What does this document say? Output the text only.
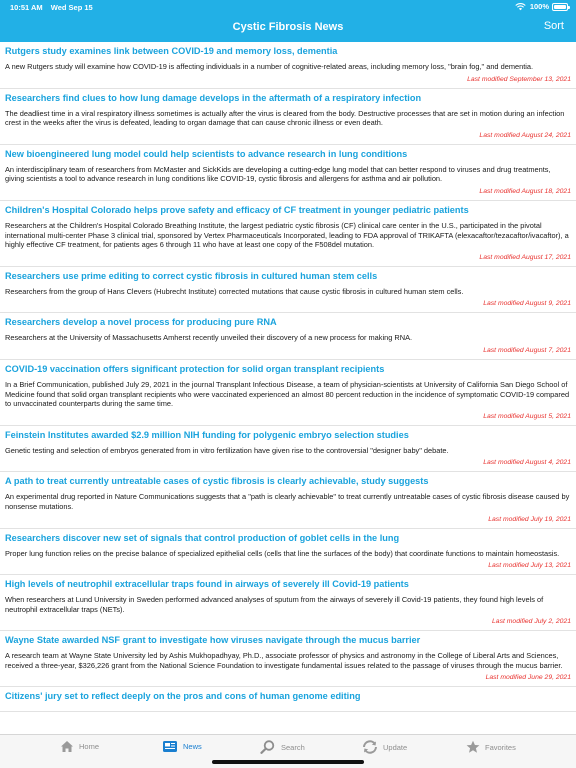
10:51 AM Wed Sep 15	100%
Cystic Fibrosis News	Sort
Rutgers study examines link between COVID-19 and memory loss, dementia

A new Rutgers study will examine how COVID-19 is affecting individuals in a number of cognitive-related areas, including memory loss, "brain fog," and dementia.

Last modified September 13, 2021
Researchers find clues to how lung damage develops in the aftermath of a respiratory infection

The deadliest time in a viral respiratory illness sometimes is actually after the virus is cleared from the body. Destructive processes that are set in motion during an infection crest in the weeks after the virus is defeated, leading to organ damage that can cause chronic illness or even death.

Last modified August 24, 2021
New bioengineered lung model could help scientists to advance research in lung conditions

An interdisciplinary team of researchers from McMaster and SickKids are developing a cutting-edge lung model that can better respond to viruses and drug treatments, giving scientists a tool to advance research in lung conditions like COVID-19, cystic fibrosis and allergens for asthma and air pollution.

Last modified August 18, 2021
Children's Hospital Colorado helps prove safety and efficacy of CF treatment in younger pediatric patients

Researchers at the Children's Hospital Colorado Breathing Institute, the largest pediatric cystic fibrosis (CF) clinical care center in the U.S., participated in the pivotal international multi-center Phase 3 clinical trial, sponsored by Vertex Pharmaceuticals Incorporated, leading to FDA approval of TRIKAFTA (elexacaftor/tezacaftor/ivacaftor), a highly effective CF treatment, for patients ages 6 through 11 who have at least one copy of the F508del mutation.

Last modified August 17, 2021
Researchers use prime editing to correct cystic fibrosis in cultured human stem cells

Researchers from the group of Hans Clevers (Hubrecht Institute) corrected mutations that cause cystic fibrosis in cultured human stem cells.

Last modified August 9, 2021
Researchers develop a novel process for producing pure RNA

Researchers at the University of Massachusetts Amherst recently unveiled their discovery of a new process for making RNA.

Last modified August 7, 2021
COVID-19 vaccination offers significant protection for solid organ transplant recipients

In a Brief Communication, published July 29, 2021 in the journal Transplant Infectious Disease, a team of physician-scientists at University of California San Diego School of Medicine found that solid organ transplant recipients who were vaccinated experienced an almost 80 percent reduction in the incidence of symptomatic COVID-19 compared to unvaccinated counterparts during the same time.

Last modified August 5, 2021
Feinstein Institutes awarded $2.9 million NIH funding for polygenic embryo selection studies

Genetic testing and selection of embryos generated from in vitro fertilization have given rise to the controversial "designer baby" debate.

Last modified August 4, 2021
A path to treat currently untreatable cases of cystic fibrosis is clearly achievable, study suggests

An experimental drug reported in Nature Communications suggests that a "path is clearly achievable" to treat currently untreatable cases of cystic fibrosis disease caused by nonsense mutations.

Last modified July 19, 2021
Researchers discover new set of signals that control production of goblet cells in the lung

Proper lung function relies on the precise balance of specialized epithelial cells (cells that line the surfaces of the body) that coordinate functions to maintain homeostasis.

Last modified July 13, 2021
High levels of neutrophil extracellular traps found in airways of severely ill Covid-19 patients

When researchers at Lund University in Sweden performed advanced analyses of sputum from the airways of severely ill Covid-19 patients, they found high levels of neutrophil extracellular traps (NETs).

Last modified July 2, 2021
Wayne State awarded NSF grant to investigate how viruses navigate through the mucus barrier

A research team at Wayne State University led by Ashis Mukhopadhyay, Ph.D., associate professor of physics and astronomy in the College of Liberal Arts and Sciences, received a three-year, $326,226 grant from the National Science Foundation to investigate fundamental issues related to the passage of viruses through the mucus barrier.

Last modified June 29, 2021
Citizens' jury set to reflect deeply on the pros and cons of human genome editing

Home	News	Search	Update	Favorites
